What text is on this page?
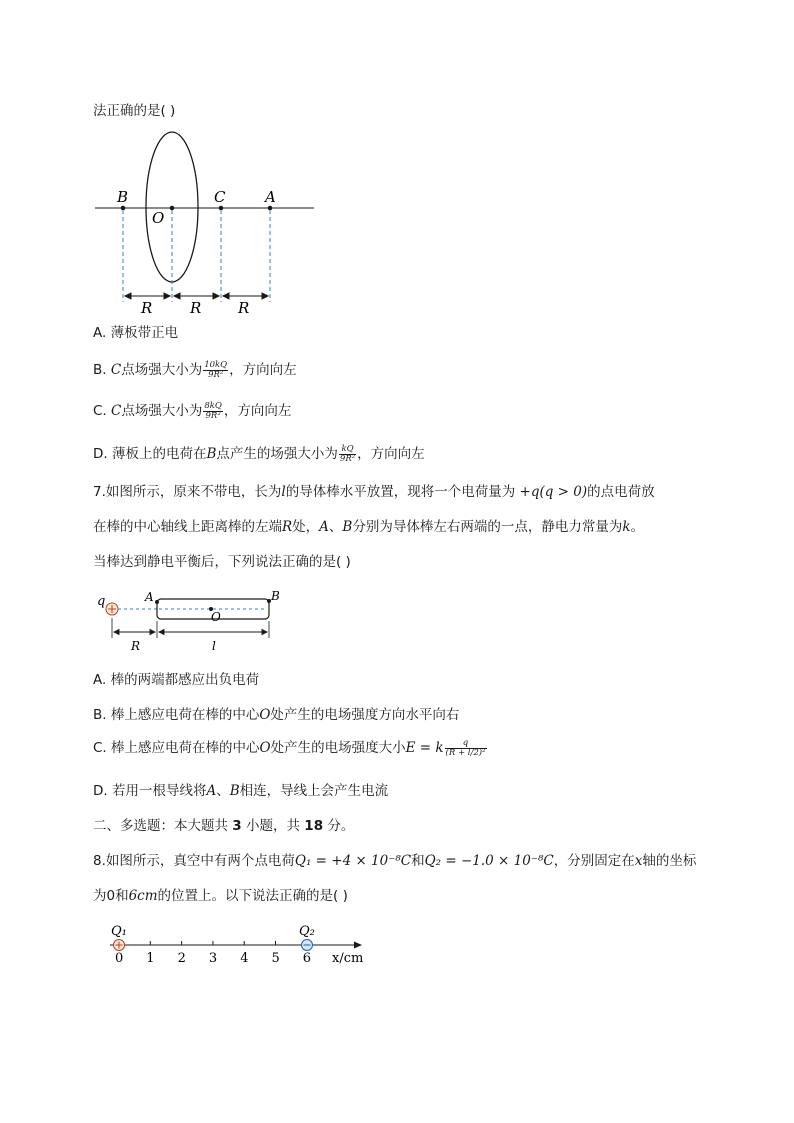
法正确的是( )
B
O
C	A
R	R R
A. 薄板带正电
B. C点场强大小为 $\frac{10kQ}{\text{9R²}}$ ，方向向左
C. C点场强大小为 $\frac{8kQ}{\text{9R²}}$ ，方向向左
D. 薄板上的电荷在B点产生的场强大小为 $\frac{kQ}{\text{9R²}}$ ，方向向左
7.如图所示，原来不带电，长为l的导体棒水平放置，现将一个电荷量为 +q(q > 0)的点电荷放
在棒的中心轴线上距离棒的左端R处，A、B分别为导体棒左右两端的一点，静电力常量为k。
当棒达到静电平衡后，下列说法正确的是( )
q	A	B
O
R	l
A. 棒的两端都感应出负电荷
B. 棒上感应电荷在棒的中心O处产生的电场强度方向水平向右
C. 棒上感应电荷在棒的中心O处产生的电场强度大小E = k $\frac{q}{\text{(R + l/2)²}}$
D. 若用一根导线将A、B相连，导线上会产生电流
二、多选题：本大题共 3 小题，共 18 分。
8.如图所示，真空中有两个点电荷Q₁ = +4 × 10⁻⁸C和Q₂ = −1.0 × 10⁻⁸C，分别固定在x轴的坐标
为0和6cm的位置上。以下说法正确的是( )
0 1 2 3 4 5 6
Q₁	Q₂
x/cm
